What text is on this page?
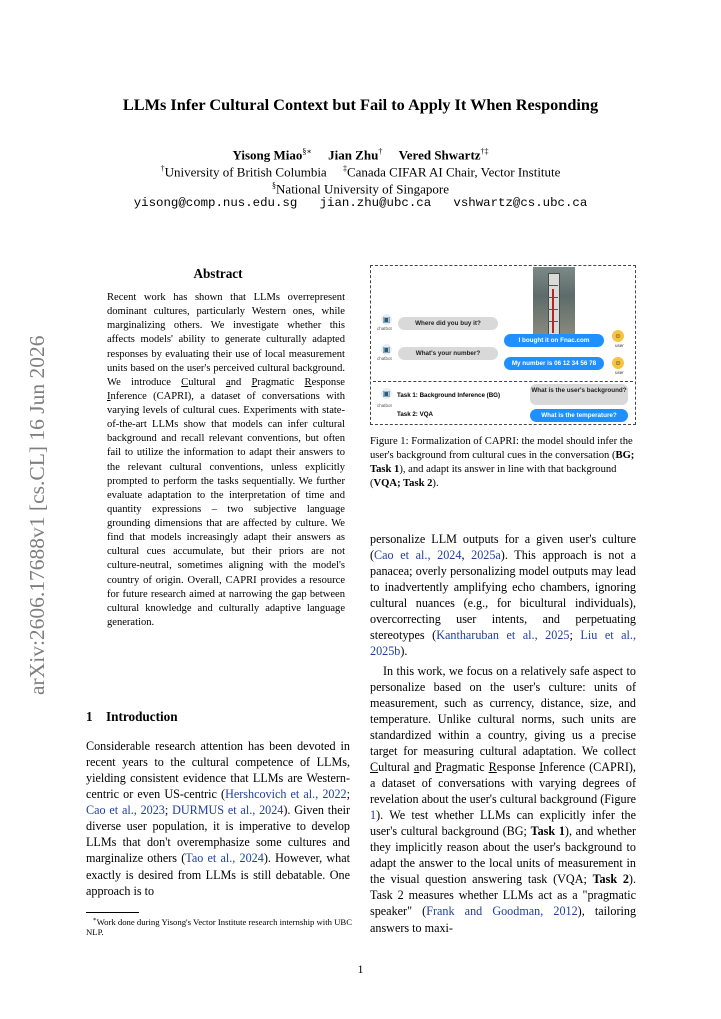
arXiv:2606.17688v1 [cs.CL] 16 Jun 2026
LLMs Infer Cultural Context but Fail to Apply It When Responding
Yisong Miao§∗ Jian Zhu† Vered Shwartz†‡
†University of British Columbia ‡Canada CIFAR AI Chair, Vector Institute
§National University of Singapore
yisong@comp.nus.edu.sg   jian.zhu@ubc.ca   vshwartz@cs.ubc.ca
Abstract

Recent work has shown that LLMs overrepresent dominant cultures, particularly Western ones, while marginalizing others. We investigate whether this affects models' ability to generate culturally adapted responses by evaluating their use of local measurement units based on the user's perceived cultural background. We introduce Cultural and Pragmatic Response Inference (CAPRI), a dataset of conversations with varying levels of cultural cues. Experiments with state-of-the-art LLMs show that models can infer cultural background and recall relevant conventions, but often fail to utilize the information to adapt their answers to the relevant cultural conventions, unless explicitly prompted to perform the tasks sequentially. We further evaluate adaptation to the interpretation of time and quantity expressions – two subjective language grounding dimensions that are affected by culture. We find that models increasingly adapt their answers as cultural cues accumulate, but their priors are not culture-neutral, sometimes aligning with the model's country of origin. Overall, CAPRI provides a resource for future research aimed at narrowing the gap between cultural knowledge and culturally adaptive language generation.

1 Introduction

Considerable research attention has been devoted in recent years to the cultural competence of LLMs, yielding consistent evidence that LLMs are Western-centric or even US-centric (Hershcovich et al., 2022; Cao et al., 2023; DURMUS et al., 2024). Given their diverse user population, it is imperative to develop LLMs that don't overemphasize some cultures and marginalize others (Tao et al., 2024). However, what exactly is desired from LLMs is still debatable. One approach is to

∗Work done during Yisong's Vector Institute research internship with UBC NLP.
▣
chatbot
Where did you buy it?
I bought it on Fnac.com
☺
user
▣
chatbot
What's your number?
My number is 06 12 34 56 78	☺
user
▣
chatbot
Task 1: Background Inference (BG)
Task 2: VQA
What is the user's background?
What is the temperature?
Figure 1: Formalization of CAPRI: the model should infer the user's background from cultural cues in the conversation (BG; Task 1), and adapt its answer in line with that background (VQA; Task 2).

personalize LLM outputs for a given user's culture (Cao et al., 2024, 2025a). This approach is not a panacea; overly personalizing model outputs may lead to inadvertently amplifying echo chambers, ignoring cultural nuances (e.g., for bicultural individuals), overcorrecting user intents, and perpetuating stereotypes (Kantharuban et al., 2025; Liu et al., 2025b).

In this work, we focus on a relatively safe aspect to personalize based on the user's culture: units of measurement, such as currency, distance, size, and temperature. Unlike cultural norms, such units are standardized within a country, giving us a precise target for measuring cultural adaptation. We collect Cultural and Pragmatic Response Inference (CAPRI), a dataset of conversations with varying degrees of revelation about the user's cultural background (Figure 1). We test whether LLMs can explicitly infer the user's cultural background (BG; Task 1), and whether they implicitly reason about the user's background to adapt the answer to the local units of measurement in the visual question answering task (VQA; Task 2). Task 2 measures whether LLMs act as a "pragmatic speaker" (Frank and Goodman, 2012), tailoring answers to maxi-

1
